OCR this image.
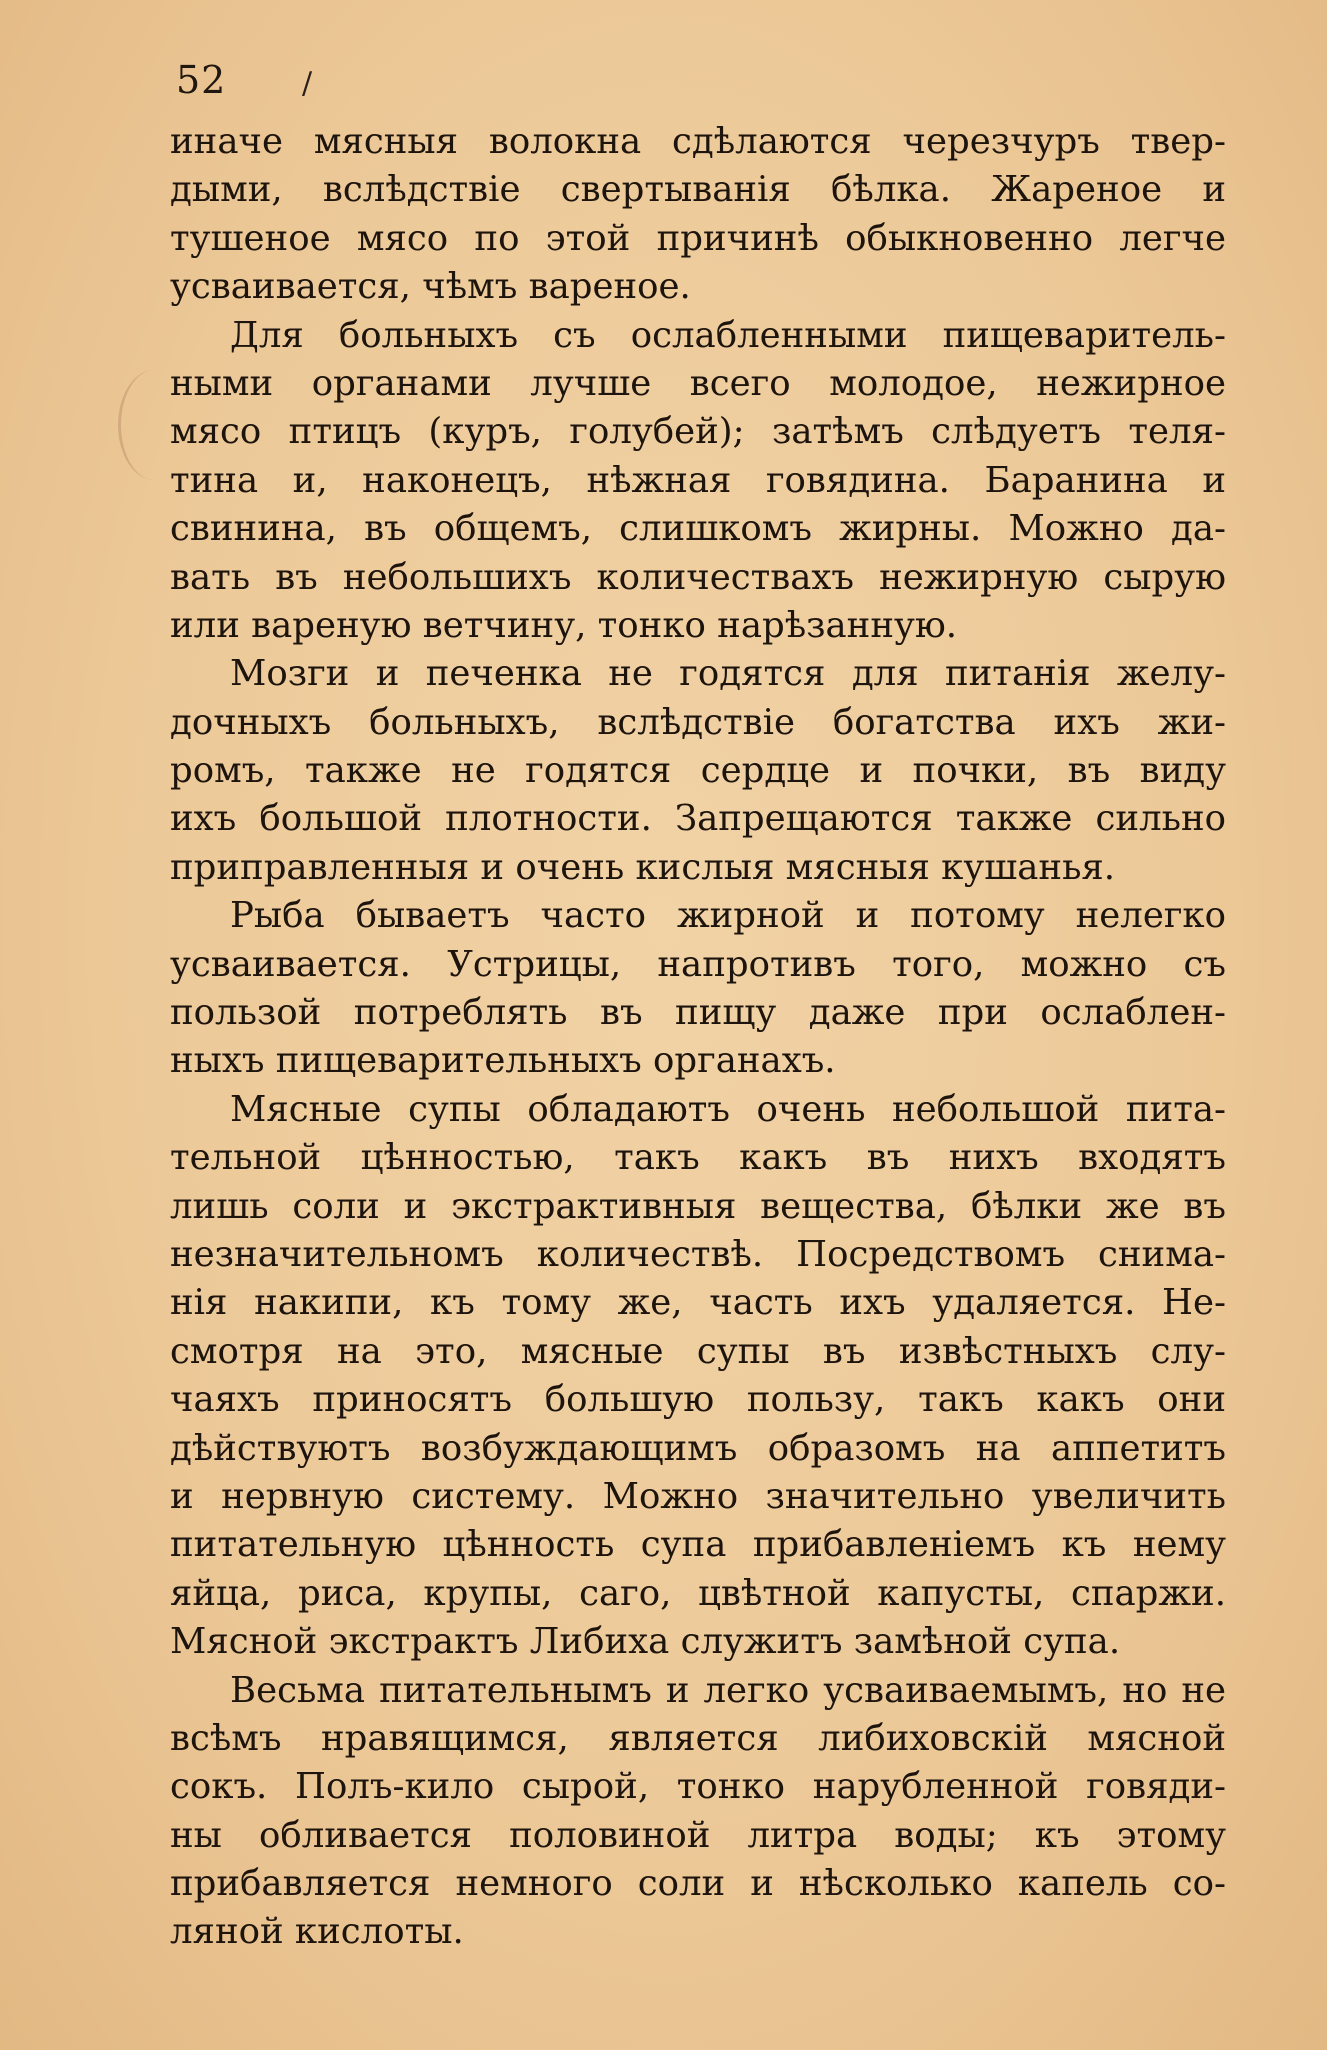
52	/
иначе мясныя волокна сдѣлаются черезчуръ твер-
дыми, вслѣдствіе свертыванія бѣлка. Жареное и
тушеное мясо по этой причинѣ обыкновенно легче
усваивается, чѣмъ вареное.
Для больныхъ съ ослабленными пищеваритель-
ными органами лучше всего молодое, нежирное
мясо птицъ (куръ, голубей); затѣмъ слѣдуетъ теля-
тина и, наконецъ, нѣжная говядина. Баранина и
свинина, въ общемъ, слишкомъ жирны. Можно да-
вать въ небольшихъ количествахъ нежирную сырую
или вареную ветчину, тонко нарѣзанную.
Мозги и печенка не годятся для питанія желу-
дочныхъ больныхъ, вслѣдствіе богатства ихъ жи-
ромъ, также не годятся сердце и почки, въ виду
ихъ большой плотности. Запрещаются также сильно
приправленныя и очень кислыя мясныя кушанья.
Рыба бываетъ часто жирной и потому нелегко
усваивается. Устрицы, напротивъ того, можно съ
пользой потреблять въ пищу даже при ослаблен-
ныхъ пищеварительныхъ органахъ.
Мясные супы обладаютъ очень небольшой пита-
тельной цѣнностью, такъ какъ въ нихъ входятъ
лишь соли и экстрактивныя вещества, бѣлки же въ
незначительномъ количествѣ. Посредствомъ снима-
нія накипи, къ тому же, часть ихъ удаляется. Не-
смотря на это, мясные супы въ извѣстныхъ слу-
чаяхъ приносятъ большую пользу, такъ какъ они
дѣйствуютъ возбуждающимъ образомъ на аппетитъ
и нервную систему. Можно значительно увеличить
питательную цѣнность супа прибавленіемъ къ нему
яйца, риса, крупы, саго, цвѣтной капусты, спаржи.
Мясной экстрактъ Либиха служитъ замѣной супа.
Весьма питательнымъ и легко усваиваемымъ, но не
всѣмъ нравящимся, является либиховскій мясной
сокъ. Полъ-кило сырой, тонко нарубленной говяди-
ны обливается половиной литра воды; къ этому
прибавляется немного соли и нѣсколько капель со-
ляной кислоты.
